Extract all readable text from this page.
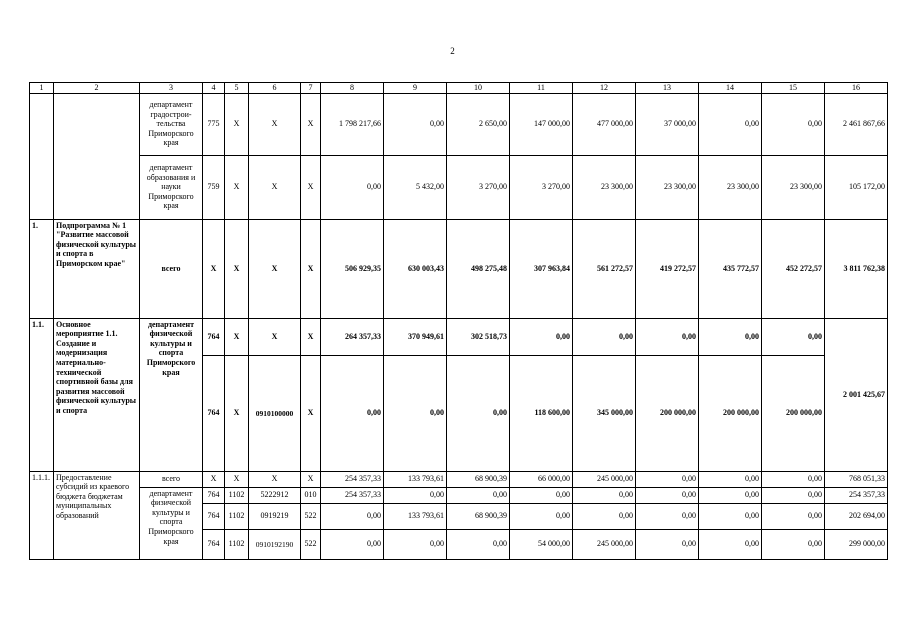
2
1	2	3	4	5	6	7	8	9	10	11	12	13	14	15	16
		департамент градострои-тельства Приморского края	775	X	X	X	1 798 217,66	0,00	2 650,00	147 000,00	477 000,00	37 000,00	0,00	0,00	2 461 867,66
		департамент образования и науки Приморского края	759	X	X	X	0,00	5 432,00	3 270,00	3 270,00	23 300,00	23 300,00	23 300,00	23 300,00	105 172,00
1.	Подпрограмма № 1 "Развитие массовой физической культуры и спорта в Приморском крае"	всего	X	X	X	X	506 929,35	630 003,43	498 275,48	307 963,84	561 272,57	419 272,57	435 772,57	452 272,57	3 811 762,38
1.1.	Основное мероприятие 1.1. Создание и модернизация материально-технической спортивной базы для развития массовой физической культуры и спорта	департамент физической культуры и спорта Приморского края	764	X	X	X	264 357,33	370 949,61	302 518,73	0,00	0,00	0,00	0,00	0,00	2 001 425,67
			764	X	0910100000	X	0,00	0,00	0,00	118 600,00	345 000,00	200 000,00	200 000,00	200 000,00	
1.1.1.	Предоставление субсидий из краевого бюджета бюджетам муниципальных образований	всего	X	X	X	X	254 357,33	133 793,61	68 900,39	66 000,00	245 000,00	0,00	0,00	0,00	768 051,33
		департамент физической культуры и спорта Приморского края	764	1102	5222912	010	254 357,33	0,00	0,00	0,00	0,00	0,00	0,00	0,00	254 357,33
			764	1102	0919219	522	0,00	133 793,61	68 900,39	0,00	0,00	0,00	0,00	0,00	202 694,00
			764	1102	0910192190	522	0,00	0,00	0,00	54 000,00	245 000,00	0,00	0,00	0,00	299 000,00
